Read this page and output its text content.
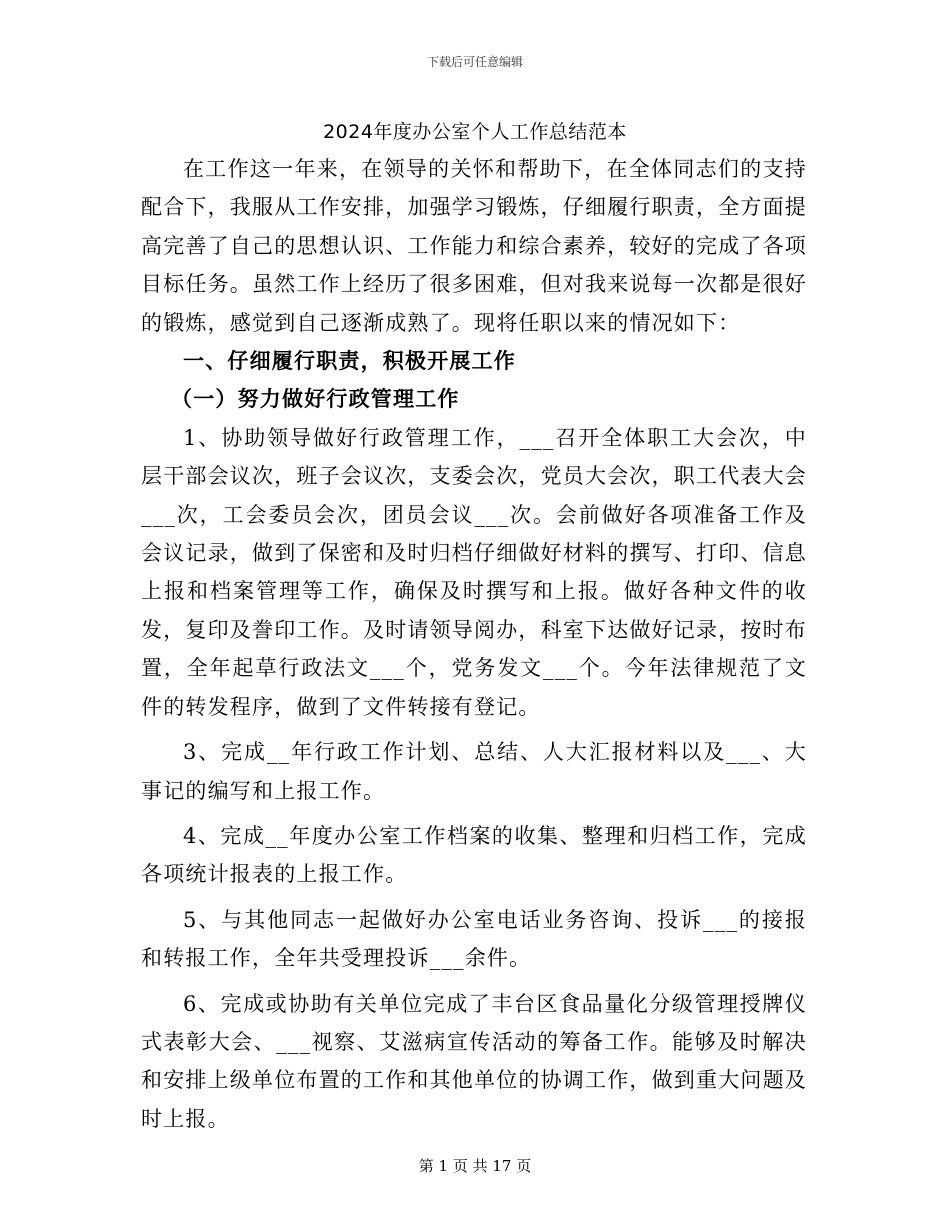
下载后可任意编辑
2024年度办公室个人工作总结范本

在工作这一年来，在领导的关怀和帮助下，在全体同志们的支持配合下，我服从工作安排，加强学习锻炼，仔细履行职责，全方面提高完善了自己的思想认识、工作能力和综合素养，较好的完成了各项目标任务。虽然工作上经历了很多困难，但对我来说每一次都是很好的锻炼，感觉到自己逐渐成熟了。现将任职以来的情况如下：

一、仔细履行职责，积极开展工作

（一）努力做好行政管理工作

1、协助领导做好行政管理工作，___召开全体职工大会次，中层干部会议次，班子会议次，支委会次，党员大会次，职工代表大会___次，工会委员会次，团员会议___次。会前做好各项准备工作及会议记录，做到了保密和及时归档仔细做好材料的撰写、打印、信息上报和档案管理等工作，确保及时撰写和上报。做好各种文件的收发，复印及誊印工作。及时请领导阅办，科室下达做好记录，按时布置，全年起草行政法文___个，党务发文___个。今年法律规范了文件的转发程序，做到了文件转接有登记。

3、完成__年行政工作计划、总结、人大汇报材料以及___、大事记的编写和上报工作。

4、完成__年度办公室工作档案的收集、整理和归档工作，完成各项统计报表的上报工作。

5、与其他同志一起做好办公室电话业务咨询、投诉___的接报和转报工作，全年共受理投诉___余件。

6、完成或协助有关单位完成了丰台区食品量化分级管理授牌仪式表彰大会、___视察、艾滋病宣传活动的筹备工作。能够及时解决和安排上级单位布置的工作和其他单位的协调工作，做到重大问题及时上报。

第 1 页 共 17 页
